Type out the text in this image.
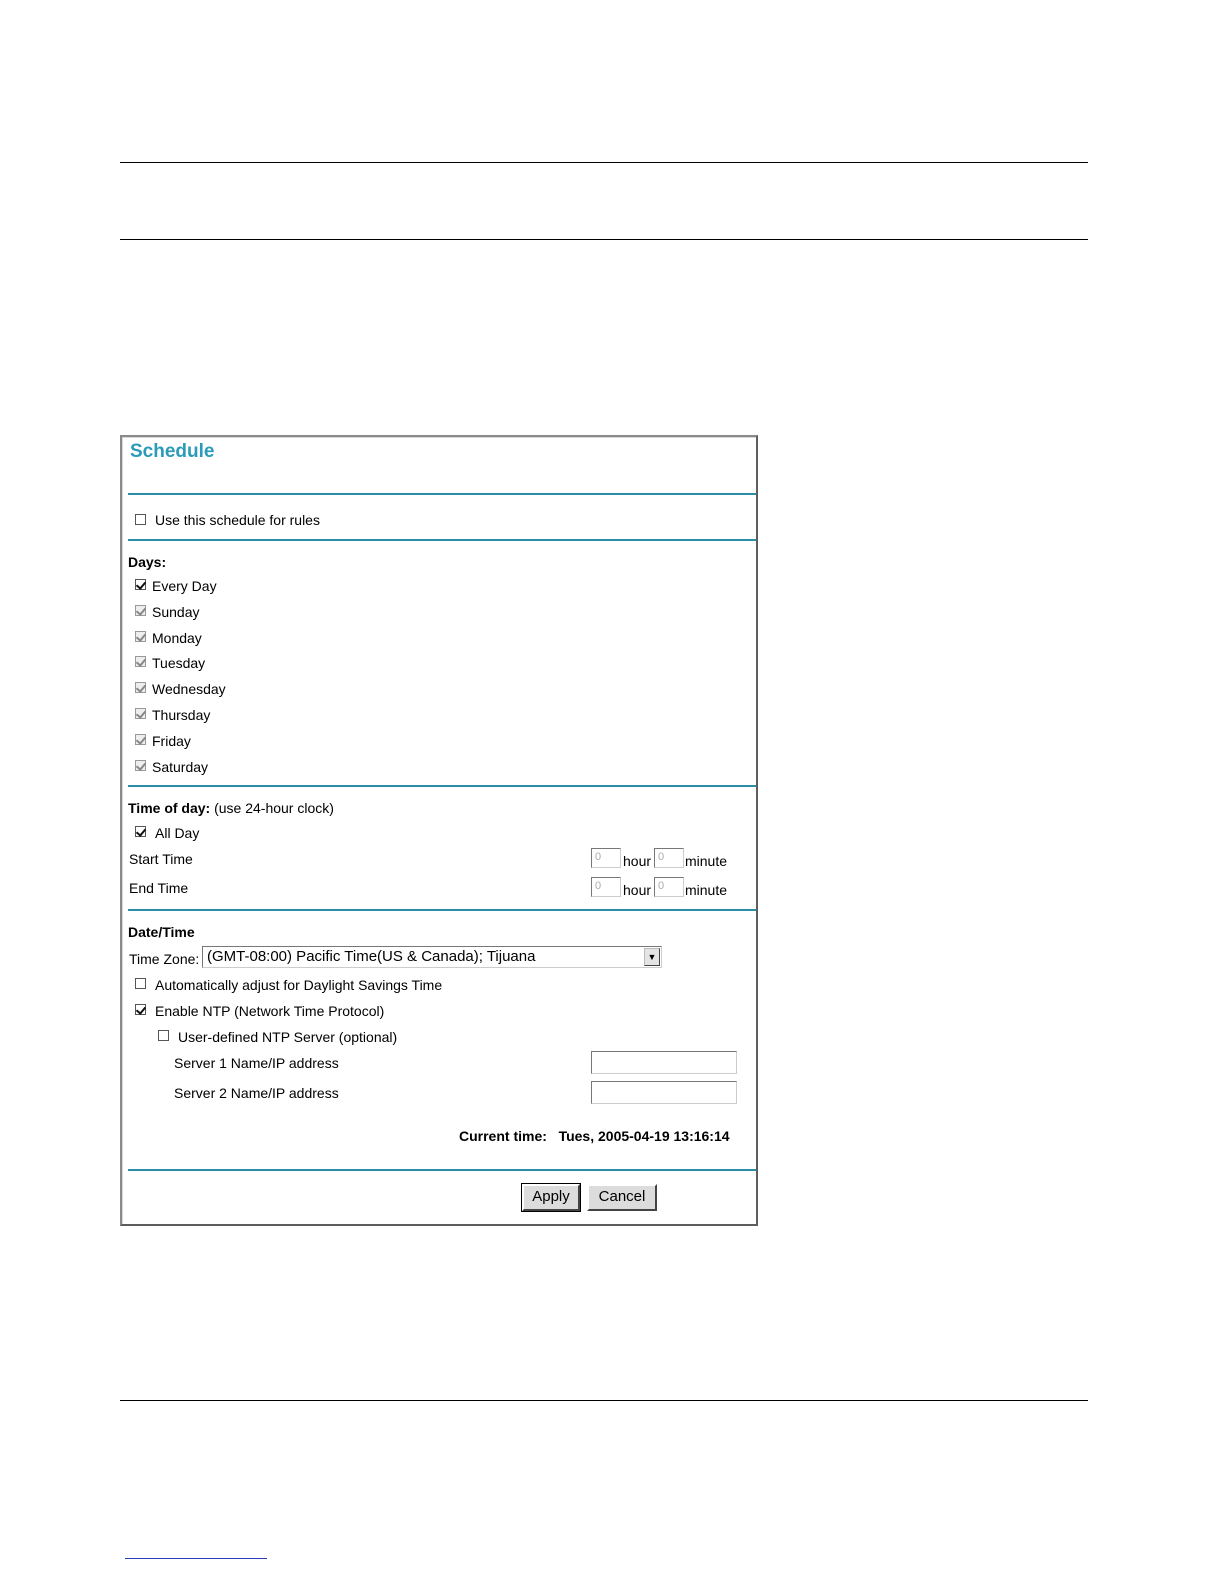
Schedule
Use this schedule for rules
Days:
Every Day
Sunday
Monday
Tuesday
Wednesday
Thursday
Friday
Saturday
Time of day: (use 24-hour clock)
All Day
Start Time	0	hour 0	minute
End Time	0	hour 0	minute
Date/Time
Time Zone: (GMT-08:00) Pacific Time(US & Canada); Tijuana	▼
Automatically adjust for Daylight Savings Time
Enable NTP (Network Time Protocol)
User-defined NTP Server (optional)
Server 1 Name/IP address
Server 2 Name/IP address
Current time: Tues, 2005-04-19 13:16:14
Apply	Cancel
